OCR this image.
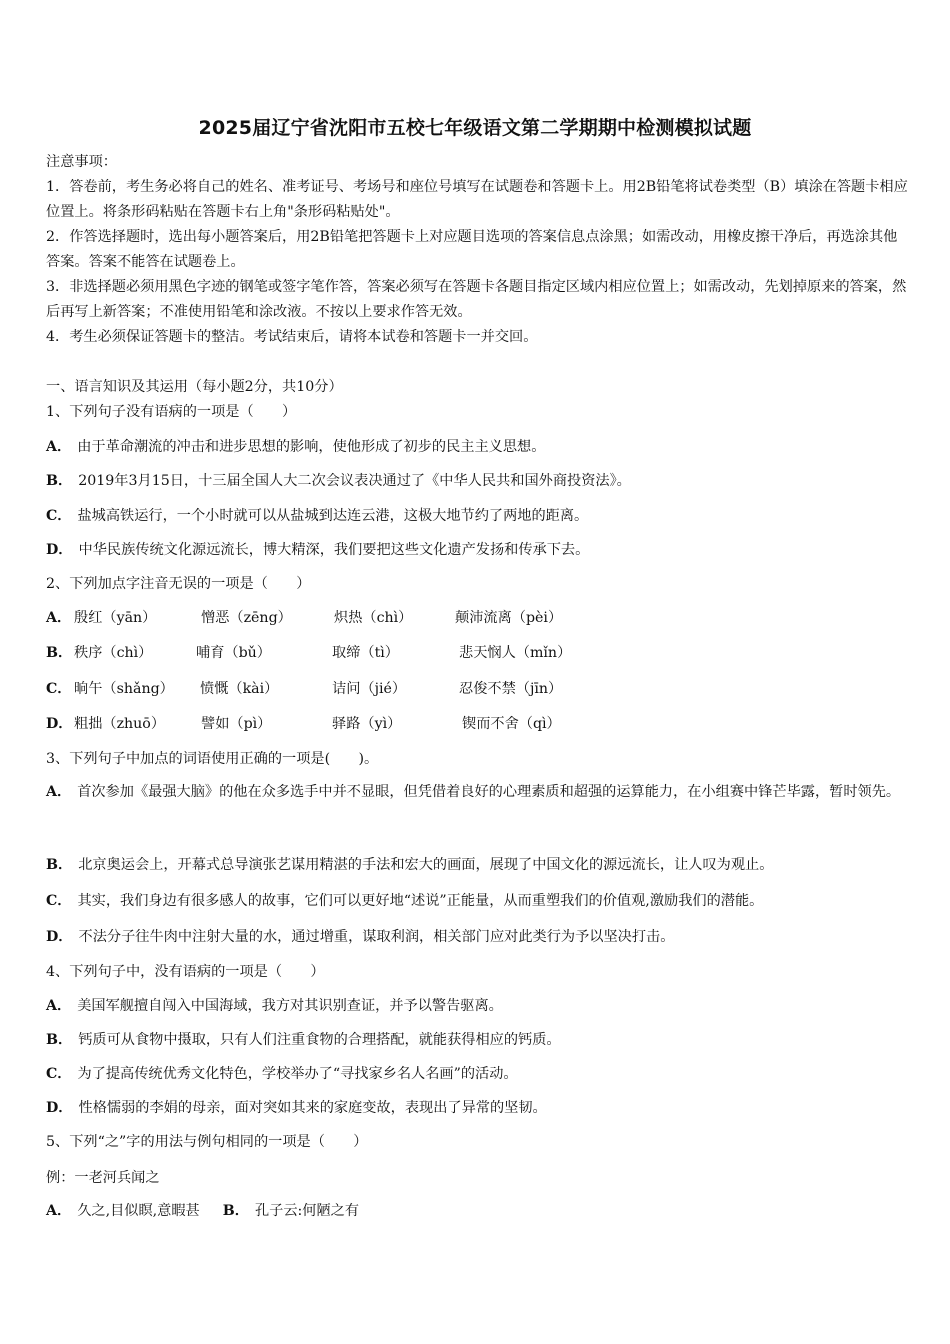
2025届辽宁省沈阳市五校七年级语文第二学期期中检测模拟试题
注意事项：
1．答卷前，考生务必将自己的姓名、准考证号、考场号和座位号填写在试题卷和答题卡上。用2B铅笔将试卷类型（B）填涂在答题卡相应位置上。将条形码粘贴在答题卡右上角"条形码粘贴处"。
2．作答选择题时，选出每小题答案后，用2B铅笔把答题卡上对应题目选项的答案信息点涂黑；如需改动，用橡皮擦干净后，再选涂其他答案。答案不能答在试题卷上。
3．非选择题必须用黑色字迹的钢笔或签字笔作答，答案必须写在答题卡各题目指定区域内相应位置上；如需改动，先划掉原来的答案，然后再写上新答案；不准使用铅笔和涂改液。不按以上要求作答无效。
4．考生必须保证答题卡的整洁。考试结束后，请将本试卷和答题卡一并交回。
一、语言知识及其运用（每小题2分，共10分）
1、下列句子没有语病的一项是（　　）
A． 由于革命潮流的冲击和进步思想的影响，使他形成了初步的民主主义思想。
B． 2019年3月15日，十三届全国人大二次会议表决通过了《中华人民共和国外商投资法》。
C． 盐城高铁运行，一个小时就可以从盐城到达连云港，这极大地节约了两地的距离。
D． 中华民族传统文化源远流长，博大精深，我们要把这些文化遗产发扬和传承下去。
2、下列加点字注音无误的一项是（　　）
A． 殷红（yān）	憎恶（zēng）	炽热（chì）	颠沛流离（pèi）
B． 秩序（chì）	哺育（bǔ）	取缔（tì）	悲天悯人（mǐn）
C． 晌午（shǎng） 愤慨（kài）	诘问（jié）	忍俊不禁（jīn）
D． 粗拙（zhuō）	譬如（pì）	驿路（yì）	锲而不舍（qì）
3、下列句子中加点的词语使用正确的一项是(　　)。
A． 首次参加《最强大脑》的他在众多选手中并不显眼，但凭借着良好的心理素质和超强的运算能力，在小组赛中锋芒毕露，暂时领先。
B． 北京奥运会上，开幕式总导演张艺谋用精湛的手法和宏大的画面，展现了中国文化的源远流长，让人叹为观止。
C． 其实，我们身边有很多感人的故事，它们可以更好地“述说”正能量，从而重塑我们的价值观,激励我们的潜能。
D． 不法分子往牛肉中注射大量的水，通过增重，谋取利润，相关部门应对此类行为予以坚决打击。
4、下列句子中，没有语病的一项是（　　）
A． 美国军舰擅自闯入中国海域，我方对其识别查证，并予以警告驱离。
B． 钙质可从食物中摄取，只有人们注重食物的合理搭配，就能获得相应的钙质。
C． 为了提高传统优秀文化特色，学校举办了“寻找家乡名人名画”的活动。
D． 性格懦弱的李娟的母亲，面对突如其来的家庭变故，表现出了异常的坚韧。
5、下列“之”字的用法与例句相同的一项是（　　）
例：一老河兵闻之
A． 久之,目似瞑,意暇甚 B． 孔子云:何陋之有
